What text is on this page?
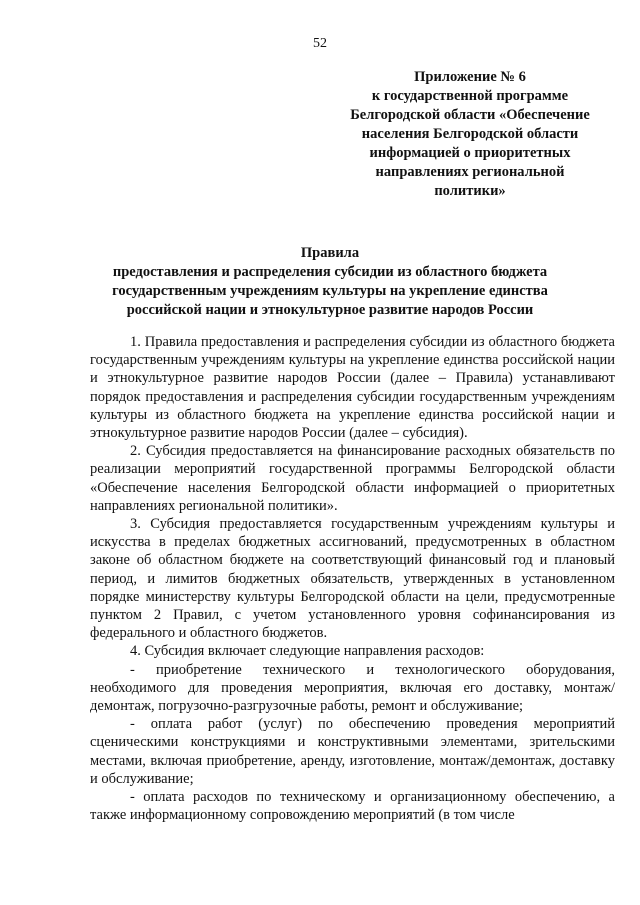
52
Приложение № 6
к государственной программе
Белгородской области «Обеспечение
населения Белгородской области
информацией о приоритетных
направлениях региональной
политики»
Правила
предоставления и распределения субсидии из областного бюджета
государственным учреждениям культуры на укрепление единства
российской нации и этнокультурное развитие народов России

1. Правила предоставления и распределения субсидии из областного бюджета государственным учреждениям культуры на укрепление единства российской нации и этнокультурное развитие народов России (далее – Правила) устанавливают порядок предоставления и распределения субсидии государственным учреждениям культуры из областного бюджета на укрепление единства российской нации и этнокультурное развитие народов России (далее – субсидия).

2. Субсидия предоставляется на финансирование расходных обязательств по реализации мероприятий государственной программы Белгородской области «Обеспечение населения Белгородской области информацией о приоритетных направлениях региональной политики».

3. Субсидия предоставляется государственным учреждениям культуры и искусства в пределах бюджетных ассигнований, предусмотренных в областном законе об областном бюджете на соответствующий финансовый год и плановый период, и лимитов бюджетных обязательств, утвержденных в установленном порядке министерству культуры Белгородской области на цели, предусмотренные пунктом 2 Правил, с учетом установленного уровня софинансирования из федерального и областного бюджетов.

4. Субсидия включает следующие направления расходов:

- приобретение технического и технологического оборудования, необходимого для проведения мероприятия, включая его доставку, монтаж/демонтаж, погрузочно-разгрузочные работы, ремонт и обслуживание;

- оплата работ (услуг) по обеспечению проведения мероприятий сценическими конструкциями и конструктивными элементами, зрительскими местами, включая приобретение, аренду, изготовление, монтаж/демонтаж, доставку и обслуживание;

- оплата расходов по техническому и организационному обеспечению, а также информационному сопровождению мероприятий (в том числе
